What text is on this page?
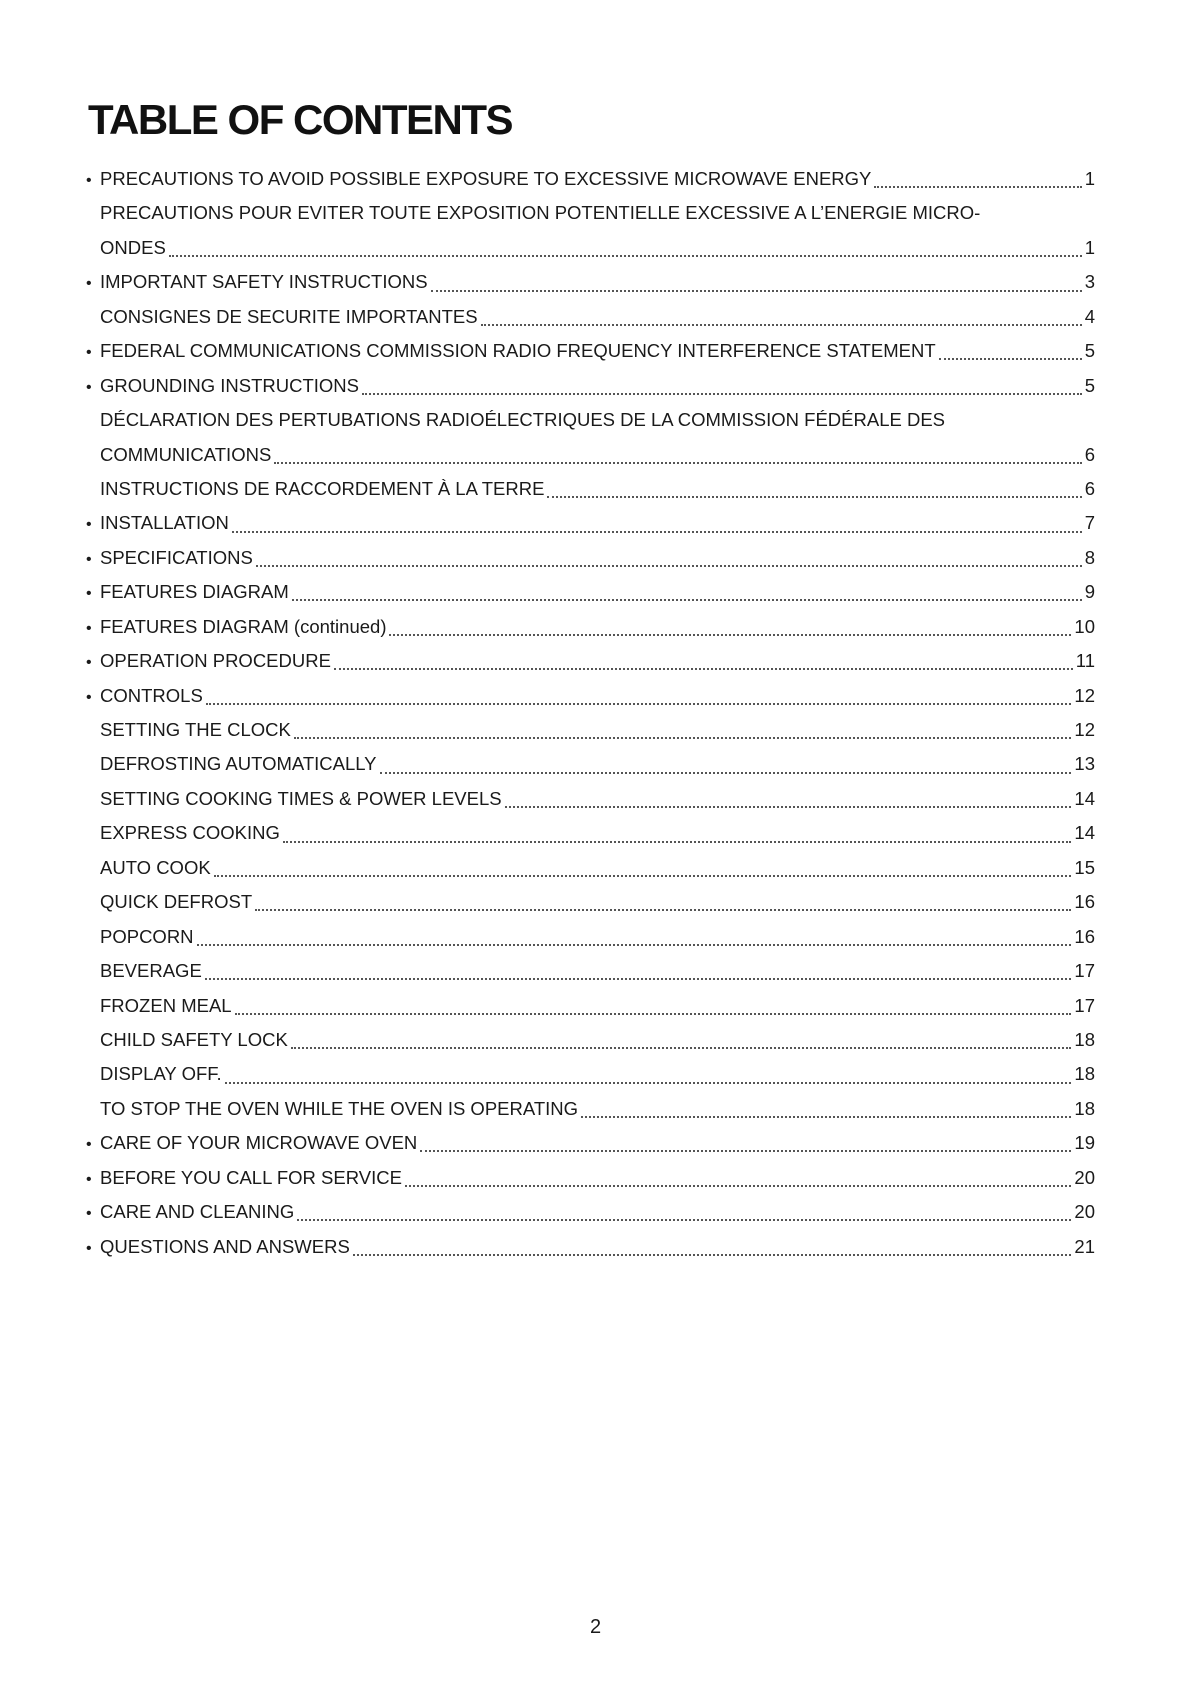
TABLE OF CONTENTS
• PRECAUTIONS TO AVOID POSSIBLE EXPOSURE TO EXCESSIVE MICROWAVE ENERGY	1
PRECAUTIONS POUR EVITER TOUTE EXPOSITION POTENTIELLE EXCESSIVE A L’ENERGIE MICRO-
ONDES	1
• IMPORTANT SAFETY INSTRUCTIONS	3
CONSIGNES DE SECURITE IMPORTANTES	4
• FEDERAL COMMUNICATIONS COMMISSION RADIO FREQUENCY INTERFERENCE STATEMENT	5
• GROUNDING INSTRUCTIONS	5
DÉCLARATION DES PERTUBATIONS RADIOÉLECTRIQUES DE LA COMMISSION FÉDÉRALE DES
COMMUNICATIONS	6
INSTRUCTIONS DE RACCORDEMENT À LA TERRE	6
• INSTALLATION	7
• SPECIFICATIONS	8
• FEATURES DIAGRAM	9
• FEATURES DIAGRAM (continued)	10
• OPERATION PROCEDURE	11
• CONTROLS	12
SETTING THE CLOCK	12
DEFROSTING AUTOMATICALLY	13
SETTING COOKING TIMES & POWER LEVELS	14
EXPRESS COOKING	14
AUTO COOK	15
QUICK DEFROST	16
POPCORN	16
BEVERAGE	17
FROZEN MEAL	17
CHILD SAFETY LOCK	18
DISPLAY OFF.	18
TO STOP THE OVEN WHILE THE OVEN IS OPERATING	18
• CARE OF YOUR MICROWAVE OVEN	19
• BEFORE YOU CALL FOR SERVICE	20
• CARE AND CLEANING	20
• QUESTIONS AND ANSWERS	21
2
